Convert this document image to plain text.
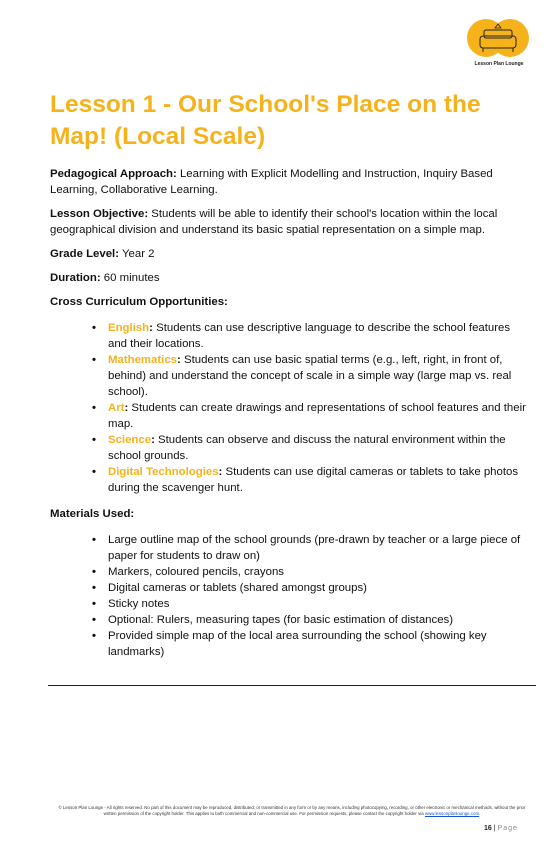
Lesson Plan Lounge
Lesson 1 - Our School's Place on the Map! (Local Scale)

Pedagogical Approach: Learning with Explicit Modelling and Instruction, Inquiry Based Learning, Collaborative Learning.

Lesson Objective: Students will be able to identify their school's location within the local geographical division and understand its basic spatial representation on a simple map.

Grade Level: Year 2

Duration: 60 minutes

Cross Curriculum Opportunities:

• English: Students can use descriptive language to describe the school features and their locations.
• Mathematics: Students can use basic spatial terms (e.g., left, right, in front of, behind) and understand the concept of scale in a simple way (large map vs. real school).
• Art: Students can create drawings and representations of school features and their map.
• Science: Students can observe and discuss the natural environment within the school grounds.
• Digital Technologies: Students can use digital cameras or tablets to take photos during the scavenger hunt.

Materials Used:

• Large outline map of the school grounds (pre-drawn by teacher or a large piece of paper for students to draw on)
• Markers, coloured pencils, crayons
• Digital cameras or tablets (shared amongst groups)
• Sticky notes
• Optional: Rulers, measuring tapes (for basic estimation of distances)
• Provided simple map of the local area surrounding the school (showing key landmarks)
© Lesson Plan Lounge - All rights reserved. No part of this document may be reproduced, distributed, or transmitted in any form or by any means, including photocopying, recording, or other electronic or mechanical methods, without the prior written permission of the copyright holder. This applies to both commercial and non-commercial use. For permission requests, please contact the copyright holder via www.lessonplanlounge.com.
16 | Page
